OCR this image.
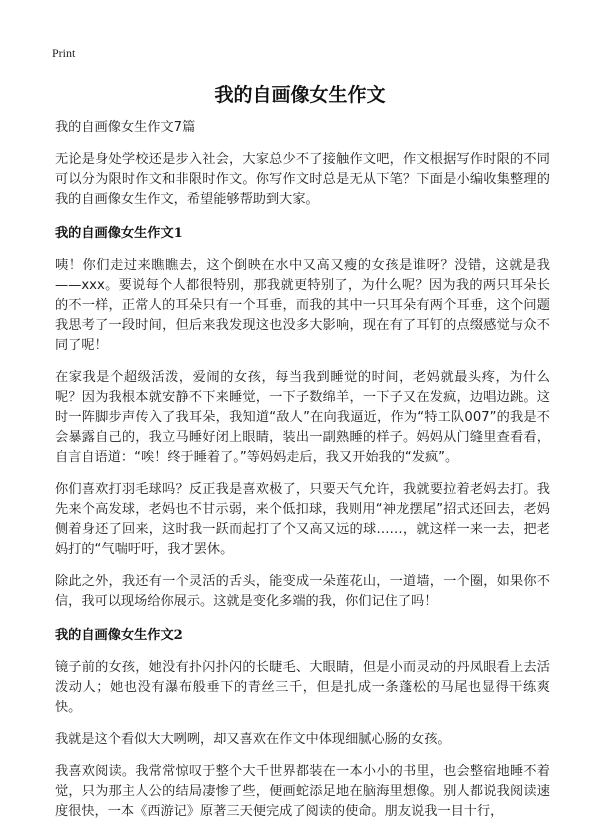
Print
我的自画像女生作文

我的自画像女生作文7篇

无论是身处学校还是步入社会，大家总少不了接触作文吧，作文根据写作时限的不同可以分为限时作文和非限时作文。你写作文时总是无从下笔？下面是小编收集整理的我的自画像女生作文，希望能够帮助到大家。

我的自画像女生作文1

咦！你们走过来瞧瞧去，这个倒映在水中又高又瘦的女孩是谁呀？没错，这就是我——xxx。要说每个人都很特别，那我就更特别了，为什么呢？因为我的两只耳朵长的不一样，正常人的耳朵只有一个耳垂，而我的其中一只耳朵有两个耳垂，这个问题我思考了一段时间，但后来我发现这也没多大影响，现在有了耳钉的点缀感觉与众不同了呢！

在家我是个超级活泼，爱闹的女孩，每当我到睡觉的时间，老妈就最头疼，为什么呢？因为我根本就安静不下来睡觉，一下子数绵羊，一下子又在发疯，边唱边跳。这时一阵脚步声传入了我耳朵，我知道“敌人”在向我逼近，作为“特工队007”的我是不会暴露自己的，我立马睡好闭上眼睛，装出一副熟睡的样子。妈妈从门缝里查看看，自言自语道：“唉！终于睡着了。”等妈妈走后，我又开始我的“发疯”。

你们喜欢打羽毛球吗？反正我是喜欢极了，只要天气允许，我就要拉着老妈去打。我先来个高发球，老妈也不甘示弱，来个低扣球，我则用“神龙摆尾”招式还回去，老妈侧着身还了回来，这时我一跃而起打了个又高又远的球……，就这样一来一去，把老妈打的“气喘吁吁，我才罢休。

除此之外，我还有一个灵活的舌头，能变成一朵莲花山，一道墙，一个圈，如果你不信，我可以现场给你展示。这就是变化多端的我，你们记住了吗！

我的自画像女生作文2

镜子前的女孩，她没有扑闪扑闪的长睫毛、大眼睛，但是小而灵动的丹凤眼看上去活泼动人；她也没有瀑布般垂下的青丝三千，但是扎成一条蓬松的马尾也显得干练爽快。

我就是这个看似大大咧咧，却又喜欢在作文中体现细腻心肠的女孩。

我喜欢阅读。我常常惊叹于整个大千世界都装在一本小小的书里，也会整宿地睡不着觉，只为那主人公的结局凄惨了些，便画蛇添足地在脑海里想像。别人都说我阅读速度很快，一本《西游记》原著三天便完成了阅读的使命。朋友说我一目十行，
